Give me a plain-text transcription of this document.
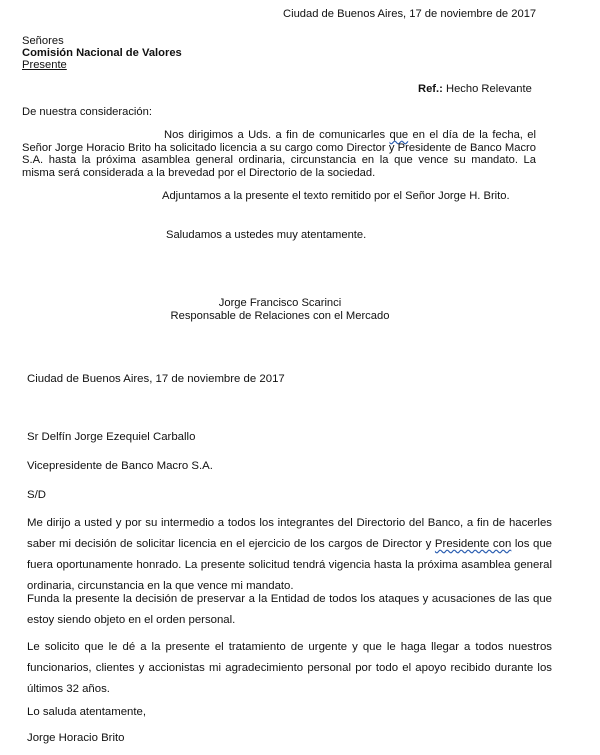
Ciudad de Buenos Aires, 17 de noviembre de 2017
Señores
Comisión Nacional de Valores
Presente
Ref.: Hecho Relevante
De nuestra consideración:
Nos dirigimos a Uds. a fin de comunicarles que en el día de la fecha, el Señor Jorge Horacio Brito ha solicitado licencia a su cargo como Director y Presidente de Banco Macro S.A. hasta la próxima asamblea general ordinaria, circunstancia en la que vence su mandato. La misma será considerada a la brevedad por el Directorio de la sociedad.
Adjuntamos a la presente el texto remitido por el Señor Jorge H. Brito.
Saludamos a ustedes muy atentamente.
Jorge Francisco Scarinci
Responsable de Relaciones con el Mercado
Ciudad de Buenos Aires, 17 de noviembre de 2017
Sr Delfín Jorge Ezequiel Carballo
Vicepresidente de Banco Macro S.A.
S/D
Me dirijo a usted y por su intermedio a todos los integrantes del Directorio del Banco, a fin de hacerles saber mi decisión de solicitar licencia en el ejercicio de los cargos de Director y Presidente con los que fuera oportunamente honrado. La presente solicitud tendrá vigencia hasta la próxima asamblea general ordinaria, circunstancia en la que vence mi mandato.
Funda la presente la decisión de preservar a la Entidad de todos los ataques y acusaciones de las que estoy siendo objeto en el orden personal.
Le solicito que le dé a la presente el tratamiento de urgente y que le haga llegar a todos nuestros funcionarios, clientes y accionistas mi agradecimiento personal por todo el apoyo recibido durante los últimos 32 años.
Lo saluda atentamente,
Jorge Horacio Brito
